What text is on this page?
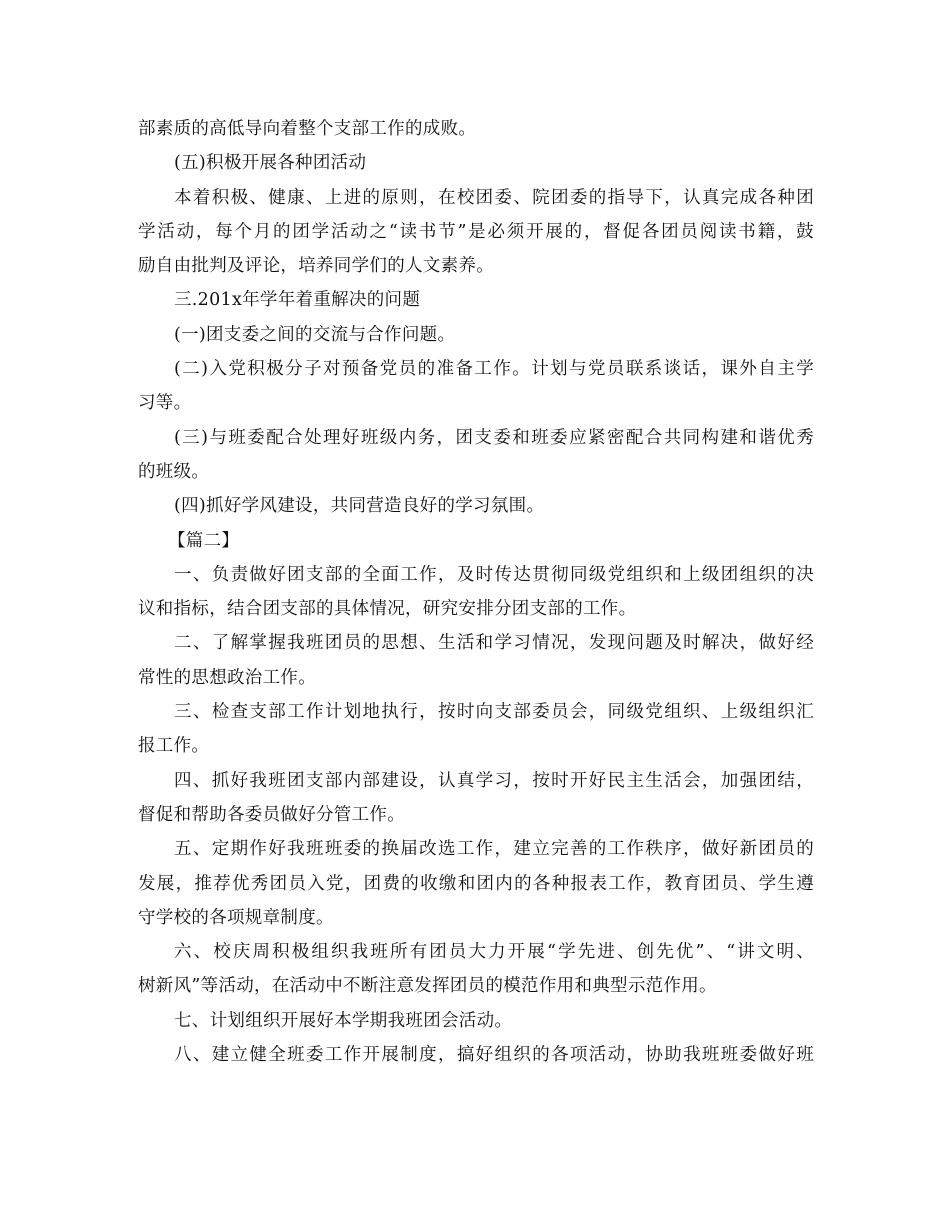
部素质的高低导向着整个支部工作的成败。
(五)积极开展各种团活动
本着积极、健康、上进的原则，在校团委、院团委的指导下，认真完成各种团
学活动，每个月的团学活动之“读书节”是必须开展的，督促各团员阅读书籍，鼓
励自由批判及评论，培养同学们的人文素养。
三.201x年学年着重解决的问题
(一)团支委之间的交流与合作问题。
(二)入党积极分子对预备党员的准备工作。计划与党员联系谈话，课外自主学
习等。
(三)与班委配合处理好班级内务，团支委和班委应紧密配合共同构建和谐优秀
的班级。
(四)抓好学风建设，共同营造良好的学习氛围。
【篇二】
一、负责做好团支部的全面工作，及时传达贯彻同级党组织和上级团组织的决
议和指标，结合团支部的具体情况，研究安排分团支部的工作。
二、了解掌握我班团员的思想、生活和学习情况，发现问题及时解决，做好经
常性的思想政治工作。
三、检查支部工作计划地执行，按时向支部委员会，同级党组织、上级组织汇
报工作。
四、抓好我班团支部内部建设，认真学习，按时开好民主生活会，加强团结，
督促和帮助各委员做好分管工作。
五、定期作好我班班委的换届改选工作，建立完善的工作秩序，做好新团员的
发展，推荐优秀团员入党，团费的收缴和团内的各种报表工作，教育团员、学生遵
守学校的各项规章制度。
六、校庆周积极组织我班所有团员大力开展“学先进、创先优”、“讲文明、
树新风”等活动，在活动中不断注意发挥团员的模范作用和典型示范作用。
七、计划组织开展好本学期我班团会活动。
八、建立健全班委工作开展制度，搞好组织的各项活动，协助我班班委做好班
